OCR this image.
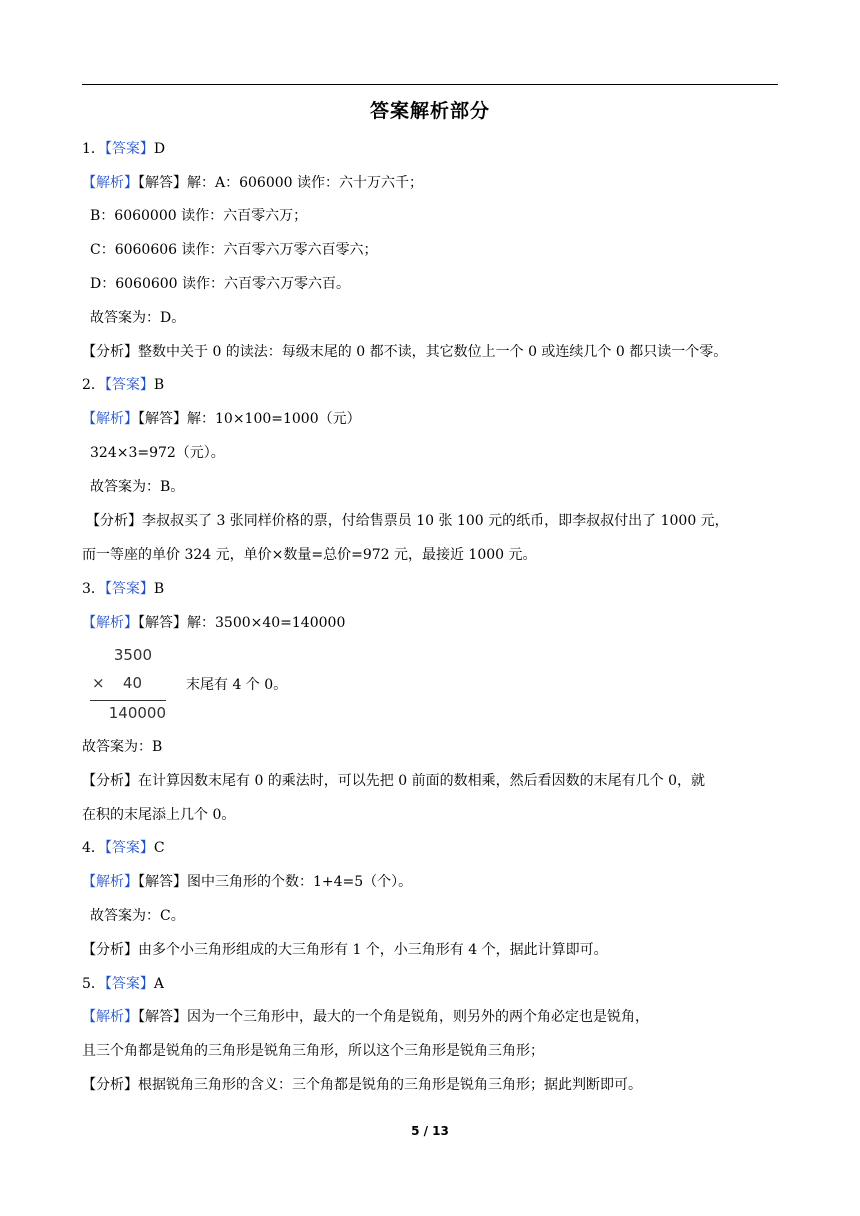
答案解析部分
1．【答案】D
【解析】【解答】解：A：606000 读作：六十万六千；
B：6060000 读作：六百零六万；
C：6060606 读作：六百零六万零六百零六；
D：6060600 读作：六百零六万零六百。
故答案为：D。
【分析】整数中关于 0 的读法：每级末尾的 0 都不读，其它数位上一个 0 或连续几个 0 都只读一个零。
2．【答案】B
【解析】【解答】解：10×100=1000（元）
324×3=972（元）。
故答案为：B。
【分析】李叔叔买了 3 张同样价格的票，付给售票员 10 张 100 元的纸币，即李叔叔付出了 1000 元，
而一等座的单价 324 元，单价×数量=总价=972 元，最接近 1000 元。
3．【答案】B
【解析】【解答】解：3500×40=140000
3500
× 40
140000
末尾有 4 个 0。
故答案为：B
【分析】在计算因数末尾有 0 的乘法时，可以先把 0 前面的数相乘，然后看因数的末尾有几个 0，就
在积的末尾添上几个 0。
4．【答案】C
【解析】【解答】图中三角形的个数：1+4=5（个）。
故答案为：C。
【分析】由多个小三角形组成的大三角形有 1 个，小三角形有 4 个，据此计算即可。
5．【答案】A
【解析】【解答】因为一个三角形中，最大的一个角是锐角，则另外的两个角必定也是锐角，
且三个角都是锐角的三角形是锐角三角形，所以这个三角形是锐角三角形；
【分析】根据锐角三角形的含义：三个角都是锐角的三角形是锐角三角形；据此判断即可。
5 / 13
